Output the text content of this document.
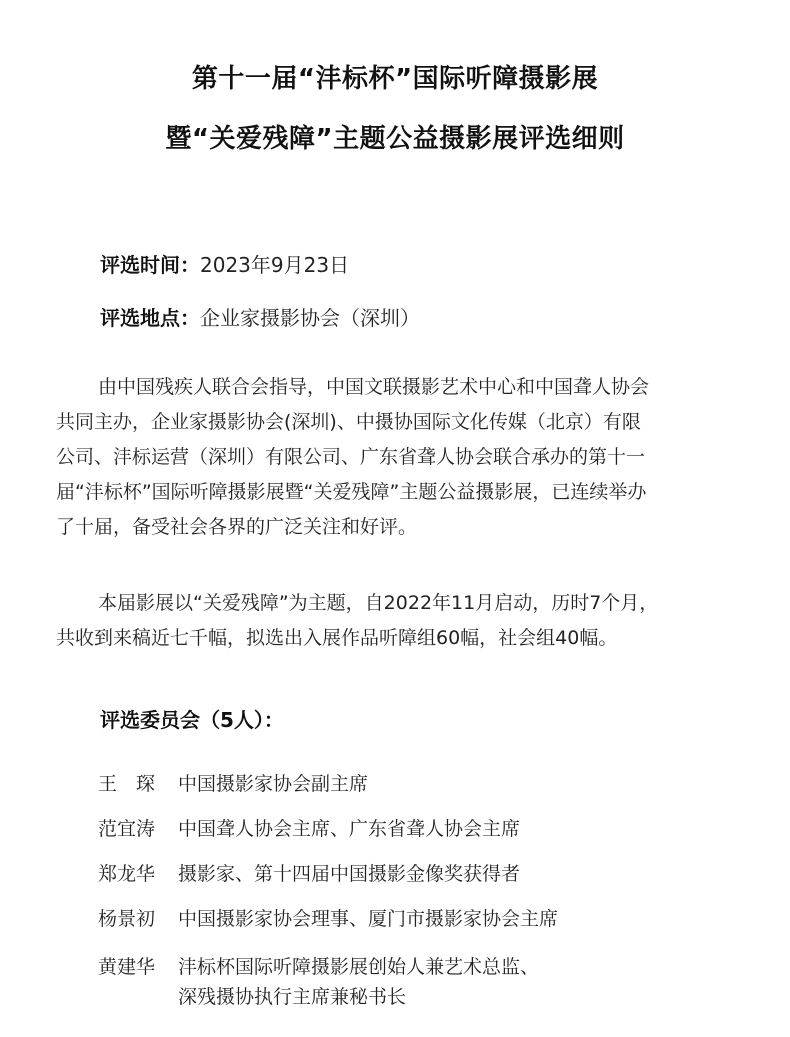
第十一届“沣标杯”国际听障摄影展
暨“关爱残障”主题公益摄影展评选细则
评选时间：2023年9月23日
评选地点：企业家摄影协会（深圳）
由中国残疾人联合会指导，中国文联摄影艺术中心和中国聋人协会
共同主办，企业家摄影协会(深圳)、中摄协国际文化传媒（北京）有限
公司、沣标运营（深圳）有限公司、广东省聋人协会联合承办的第十一
届“沣标杯”国际听障摄影展暨“关爱残障”主题公益摄影展，已连续举办
了十届，备受社会各界的广泛关注和好评。
本届影展以“关爱残障”为主题，自2022年11月启动，历时7个月，
共收到来稿近七千幅，拟选出入展作品听障组60幅，社会组40幅。
评选委员会（5人）：
王　琛 中国摄影家协会副主席
范宜涛 中国聋人协会主席、广东省聋人协会主席
郑龙华 摄影家、第十四届中国摄影金像奖获得者
杨景初 中国摄影家协会理事、厦门市摄影家协会主席
黄建华 沣标杯国际听障摄影展创始人兼艺术总监、
深残摄协执行主席兼秘书长
